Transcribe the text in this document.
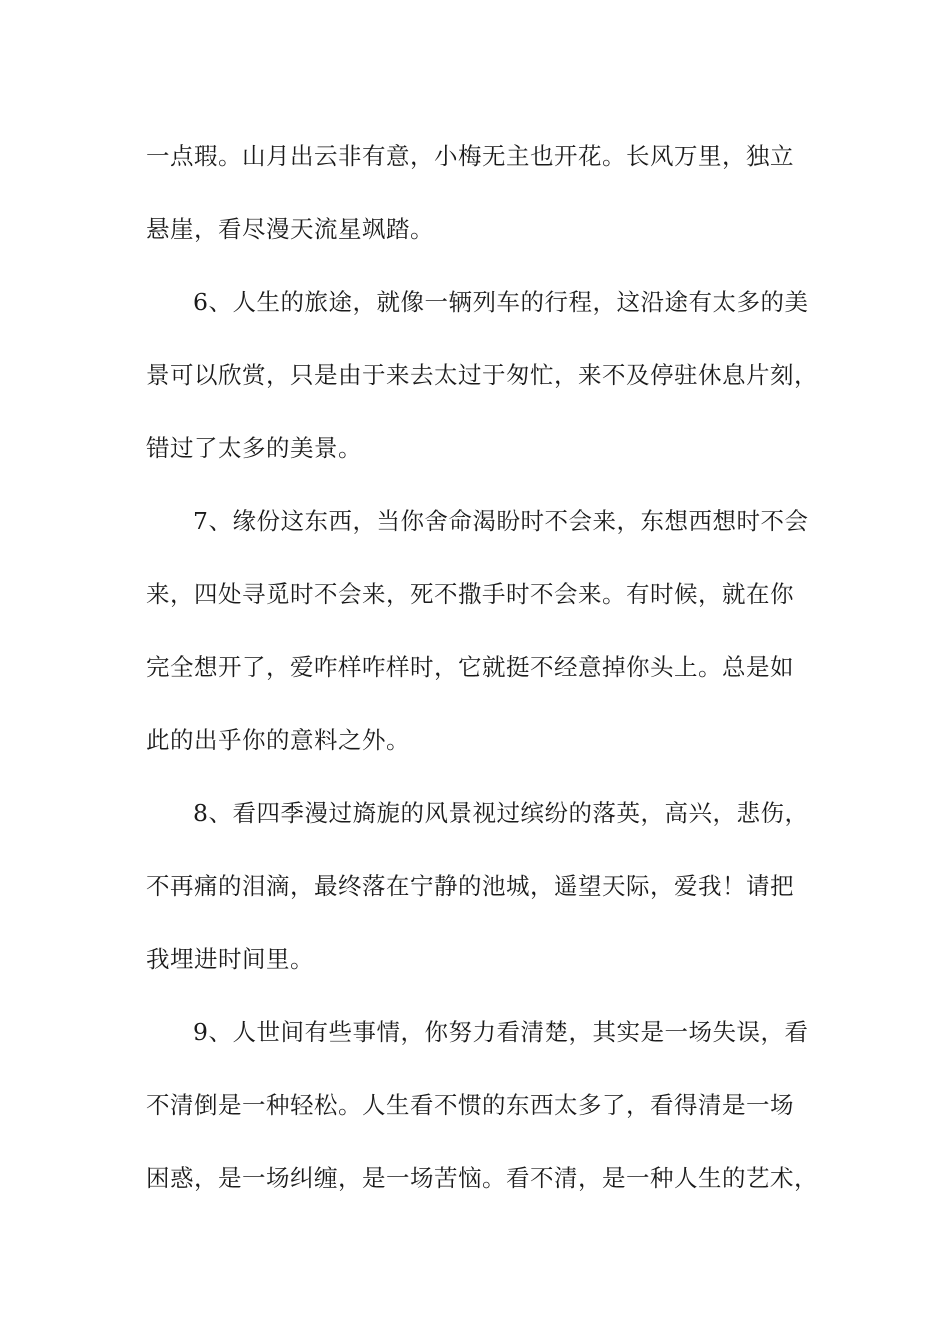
一点瑕。山月出云非有意，小梅无主也开花。长风万里，独立
悬崖，看尽漫天流星飒踏。
6、人生的旅途，就像一辆列车的行程，这沿途有太多的美
景可以欣赏，只是由于来去太过于匆忙，来不及停驻休息片刻，
错过了太多的美景。
7、缘份这东西，当你舍命渴盼时不会来，东想西想时不会
来，四处寻觅时不会来，死不撒手时不会来。有时候，就在你
完全想开了，爱咋样咋样时，它就挺不经意掉你头上。总是如
此的出乎你的意料之外。
8、看四季漫过旖旎的风景视过缤纷的落英，高兴，悲伤，
不再痛的泪滴，最终落在宁静的池城，遥望天际，爱我！请把
我埋进时间里。
9、人世间有些事情，你努力看清楚，其实是一场失误，看
不清倒是一种轻松。人生看不惯的东西太多了，看得清是一场
困惑，是一场纠缠，是一场苦恼。看不清，是一种人生的艺术，
